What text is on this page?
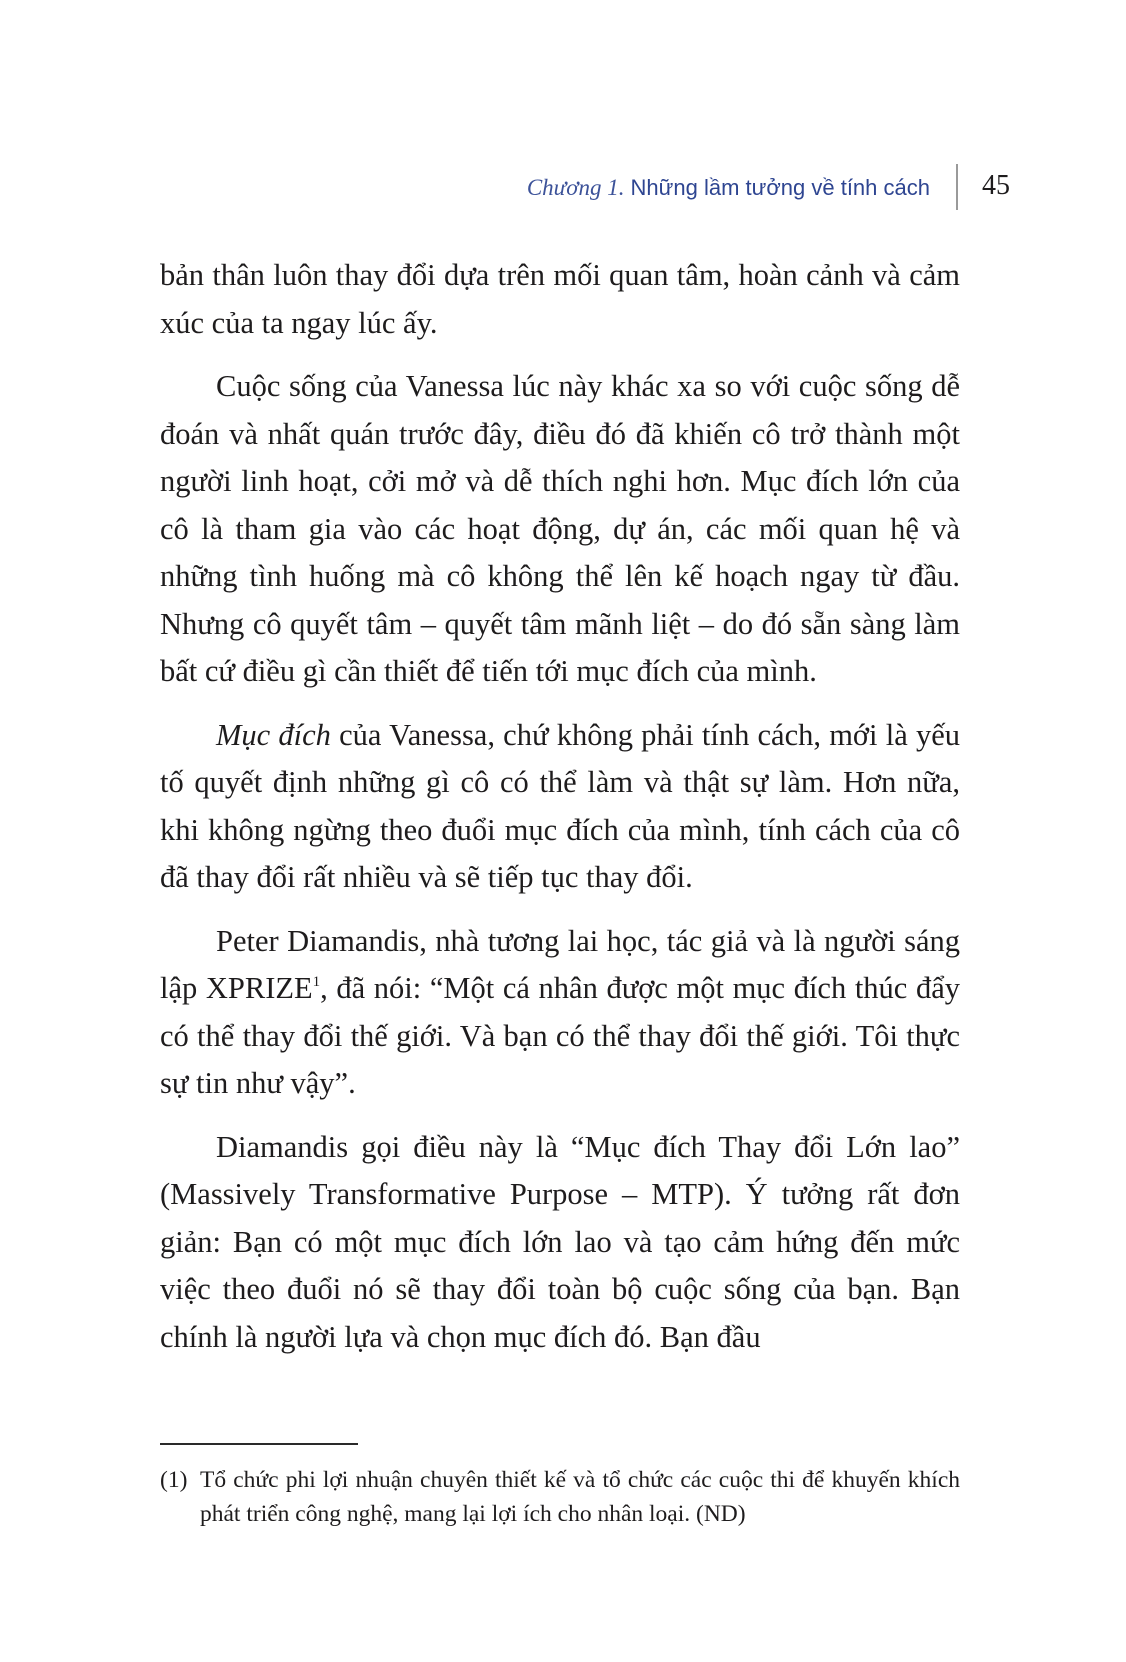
Chương 1. Những lầm tưởng về tính cách 45

bản thân luôn thay đổi dựa trên mối quan tâm, hoàn cảnh và cảm xúc của ta ngay lúc ấy.

Cuộc sống của Vanessa lúc này khác xa so với cuộc sống dễ đoán và nhất quán trước đây, điều đó đã khiến cô trở thành một người linh hoạt, cởi mở và dễ thích nghi hơn. Mục đích lớn của cô là tham gia vào các hoạt động, dự án, các mối quan hệ và những tình huống mà cô không thể lên kế hoạch ngay từ đầu. Nhưng cô quyết tâm – quyết tâm mãnh liệt – do đó sẵn sàng làm bất cứ điều gì cần thiết để tiến tới mục đích của mình.

Mục đích của Vanessa, chứ không phải tính cách, mới là yếu tố quyết định những gì cô có thể làm và thật sự làm. Hơn nữa, khi không ngừng theo đuổi mục đích của mình, tính cách của cô đã thay đổi rất nhiều và sẽ tiếp tục thay đổi.

Peter Diamandis, nhà tương lai học, tác giả và là người sáng lập XPRIZE$^1$, đã nói: “Một cá nhân được một mục đích thúc đẩy có thể thay đổi thế giới. Và bạn có thể thay đổi thế giới. Tôi thực sự tin như vậy”.

Diamandis gọi điều này là “Mục đích Thay đổi Lớn lao” (Massively Transformative Purpose – MTP). Ý tưởng rất đơn giản: Bạn có một mục đích lớn lao và tạo cảm hứng đến mức việc theo đuổi nó sẽ thay đổi toàn bộ cuộc sống của bạn. Bạn chính là người lựa và chọn mục đích đó. Bạn đầu

(1) Tổ chức phi lợi nhuận chuyên thiết kế và tổ chức các cuộc thi để khuyến khích phát triển công nghệ, mang lại lợi ích cho nhân loại. (ND)
